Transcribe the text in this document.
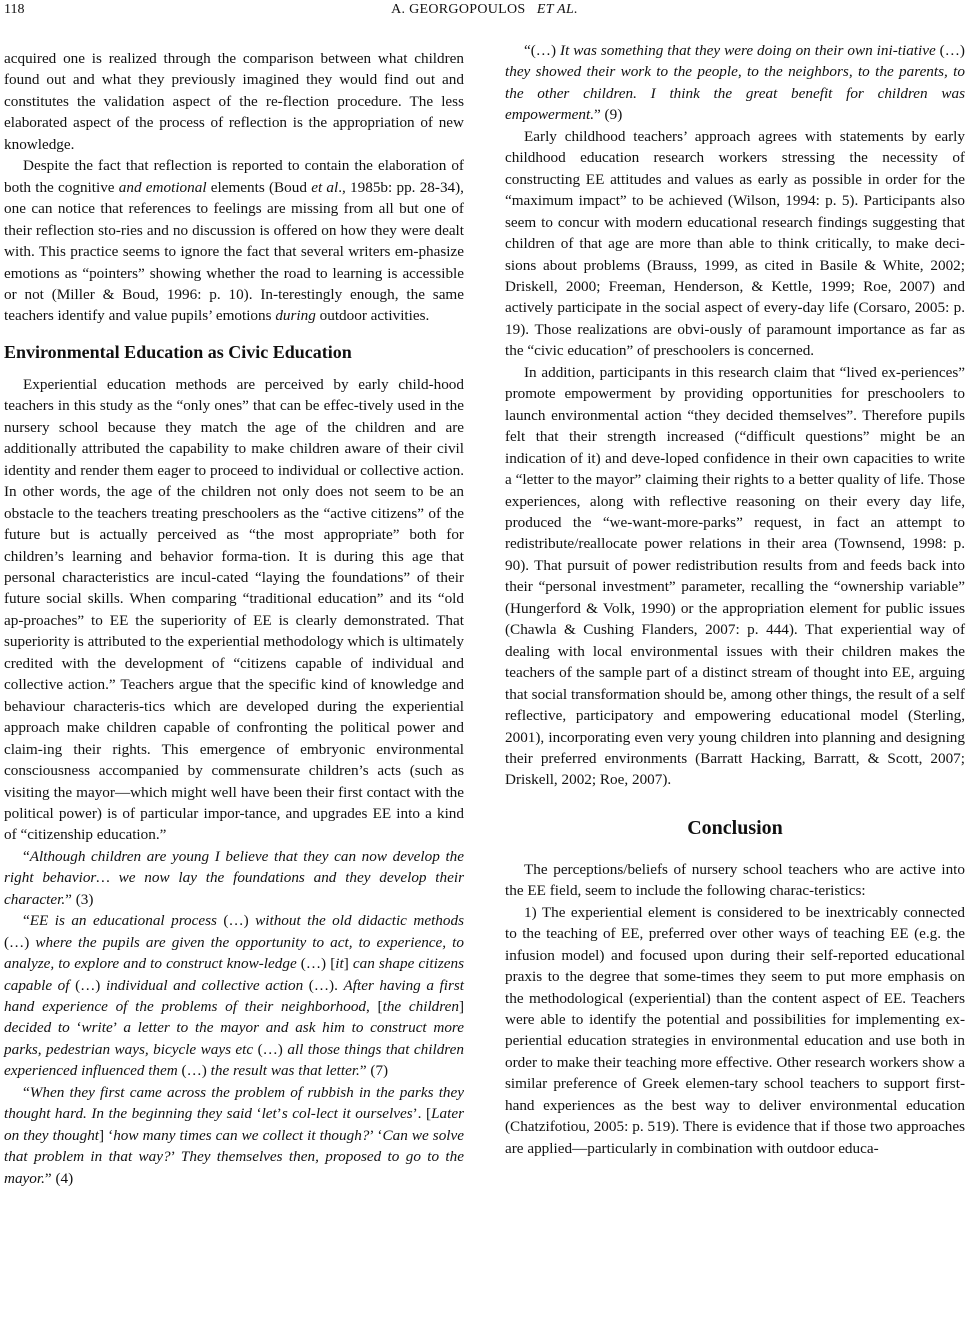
118	A. GEORGOPOULOS ET AL.

acquired one is realized through the comparison between what children found out and what they previously imagined they would find out and constitutes the validation aspect of the re-flection procedure. The less elaborated aspect of the process of reflection is the appropriation of new knowledge.

Despite the fact that reflection is reported to contain the elaboration of both the cognitive and emotional elements (Boud et al., 1985b: pp. 28-34), one can notice that references to feelings are missing from all but one of their reflection sto-ries and no discussion is offered on how they were dealt with. This practice seems to ignore the fact that several writers em-phasize emotions as “pointers” showing whether the road to learning is accessible or not (Miller & Boud, 1996: p. 10). In-terestingly enough, the same teachers identify and value pupils’ emotions during outdoor activities.

Environmental Education as Civic Education

Experiential education methods are perceived by early child-hood teachers in this study as the “only ones” that can be effec-tively used in the nursery school because they match the age of the children and are additionally attributed the capability to make children aware of their civil identity and render them eager to proceed to individual or collective action. In other words, the age of the children not only does not seem to be an obstacle to the teachers treating preschoolers as the “active citizens” of the future but is actually perceived as “the most appropriate” both for children’s learning and behavior forma-tion. It is during this age that personal characteristics are incul-cated “laying the foundations” of their future social skills. When comparing “traditional education” and its “old ap-proaches” to EE the superiority of EE is clearly demonstrated. That superiority is attributed to the experiential methodology which is ultimately credited with the development of “citizens capable of individual and collective action.” Teachers argue that the specific kind of knowledge and behaviour characteris-tics which are developed during the experiential approach make children capable of confronting the political power and claim-ing their rights. This emergence of embryonic environmental consciousness accompanied by commensurate children’s acts (such as visiting the mayor—which might well have been their first contact with the political power) is of particular impor-tance, and upgrades EE into a kind of “citizenship education.”

“Although children are young I believe that they can now develop the right behavior… we now lay the foundations and they develop their character.” (3)

“EE is an educational process (…) without the old didactic methods (…) where the pupils are given the opportunity to act, to experience, to analyze, to explore and to construct know-ledge (…) [it] can shape citizens capable of (…) individual and collective action (…). After having a first hand experience of the problems of their neighborhood, [the children] decided to ‘write’ a letter to the mayor and ask him to construct more parks, pedestrian ways, bicycle ways etc (…) all those things that children experienced influenced them (…) the result was that letter.” (7)

“When they first came across the problem of rubbish in the parks they thought hard. In the beginning they said ‘let’s col-lect it ourselves’. [Later on they thought] ‘how many times can we collect it though?’ ‘Can we solve that problem in that way?’ They themselves then, proposed to go to the mayor.” (4)

“(…) It was something that they were doing on their own ini-tiative (…) they showed their work to the people, to the neighbors, to the parents, to the other children. I think the great benefit for children was empowerment.” (9)

Early childhood teachers’ approach agrees with statements by early childhood education research workers stressing the necessity of constructing EE attitudes and values as early as possible in order for the “maximum impact” to be achieved (Wilson, 1994: p. 5). Participants also seem to concur with modern educational research findings suggesting that children of that age are more than able to think critically, to make deci-sions about problems (Brauss, 1999, as cited in Basile & White, 2002; Driskell, 2000; Freeman, Henderson, & Kettle, 1999; Roe, 2007) and actively participate in the social aspect of every-day life (Corsaro, 2005: p. 19). Those realizations are obvi-ously of paramount importance as far as the “civic education” of preschoolers is concerned.

In addition, participants in this research claim that “lived ex-periences” promote empowerment by providing opportunities for preschoolers to launch environmental action “they decided themselves”. Therefore pupils felt that their strength increased (“difficult questions” might be an indication of it) and deve-loped confidence in their own capacities to write a “letter to the mayor” claiming their rights to a better quality of life. Those experiences, along with reflective reasoning on their every day life, produced the “we-want-more-parks” request, in fact an attempt to redistribute/reallocate power relations in their area (Townsend, 1998: p. 90). That pursuit of power redistribution results from and feeds back into their “personal investment” parameter, recalling the “ownership variable” (Hungerford & Volk, 1990) or the appropriation element for public issues (Chawla & Cushing Flanders, 2007: p. 444). That experiential way of dealing with local environmental issues with their children makes the teachers of the sample part of a distinct stream of thought into EE, arguing that social transformation should be, among other things, the result of a self reflective, participatory and empowering educational model (Sterling, 2001), incorporating even very young children into planning and designing their preferred environments (Barratt Hacking, Barratt, & Scott, 2007; Driskell, 2002; Roe, 2007).

Conclusion

The perceptions/beliefs of nursery school teachers who are active into the EE field, seem to include the following charac-teristics:

1) The experiential element is considered to be inextricably connected to the teaching of EE, preferred over other ways of teaching EE (e.g. the infusion model) and focused upon during their self-reported educational praxis to the degree that some-times they seem to put more emphasis on the methodological (experiential) than the content aspect of EE. Teachers were able to identify the potential and possibilities for implementing ex-periential education strategies in environmental education and use both in order to make their teaching more effective. Other research workers show a similar preference of Greek elemen-tary school teachers to support first-hand experiences as the best way to deliver environmental education (Chatzifotiou, 2005: p. 519). There is evidence that if those two approaches are applied—particularly in combination with outdoor educa-
